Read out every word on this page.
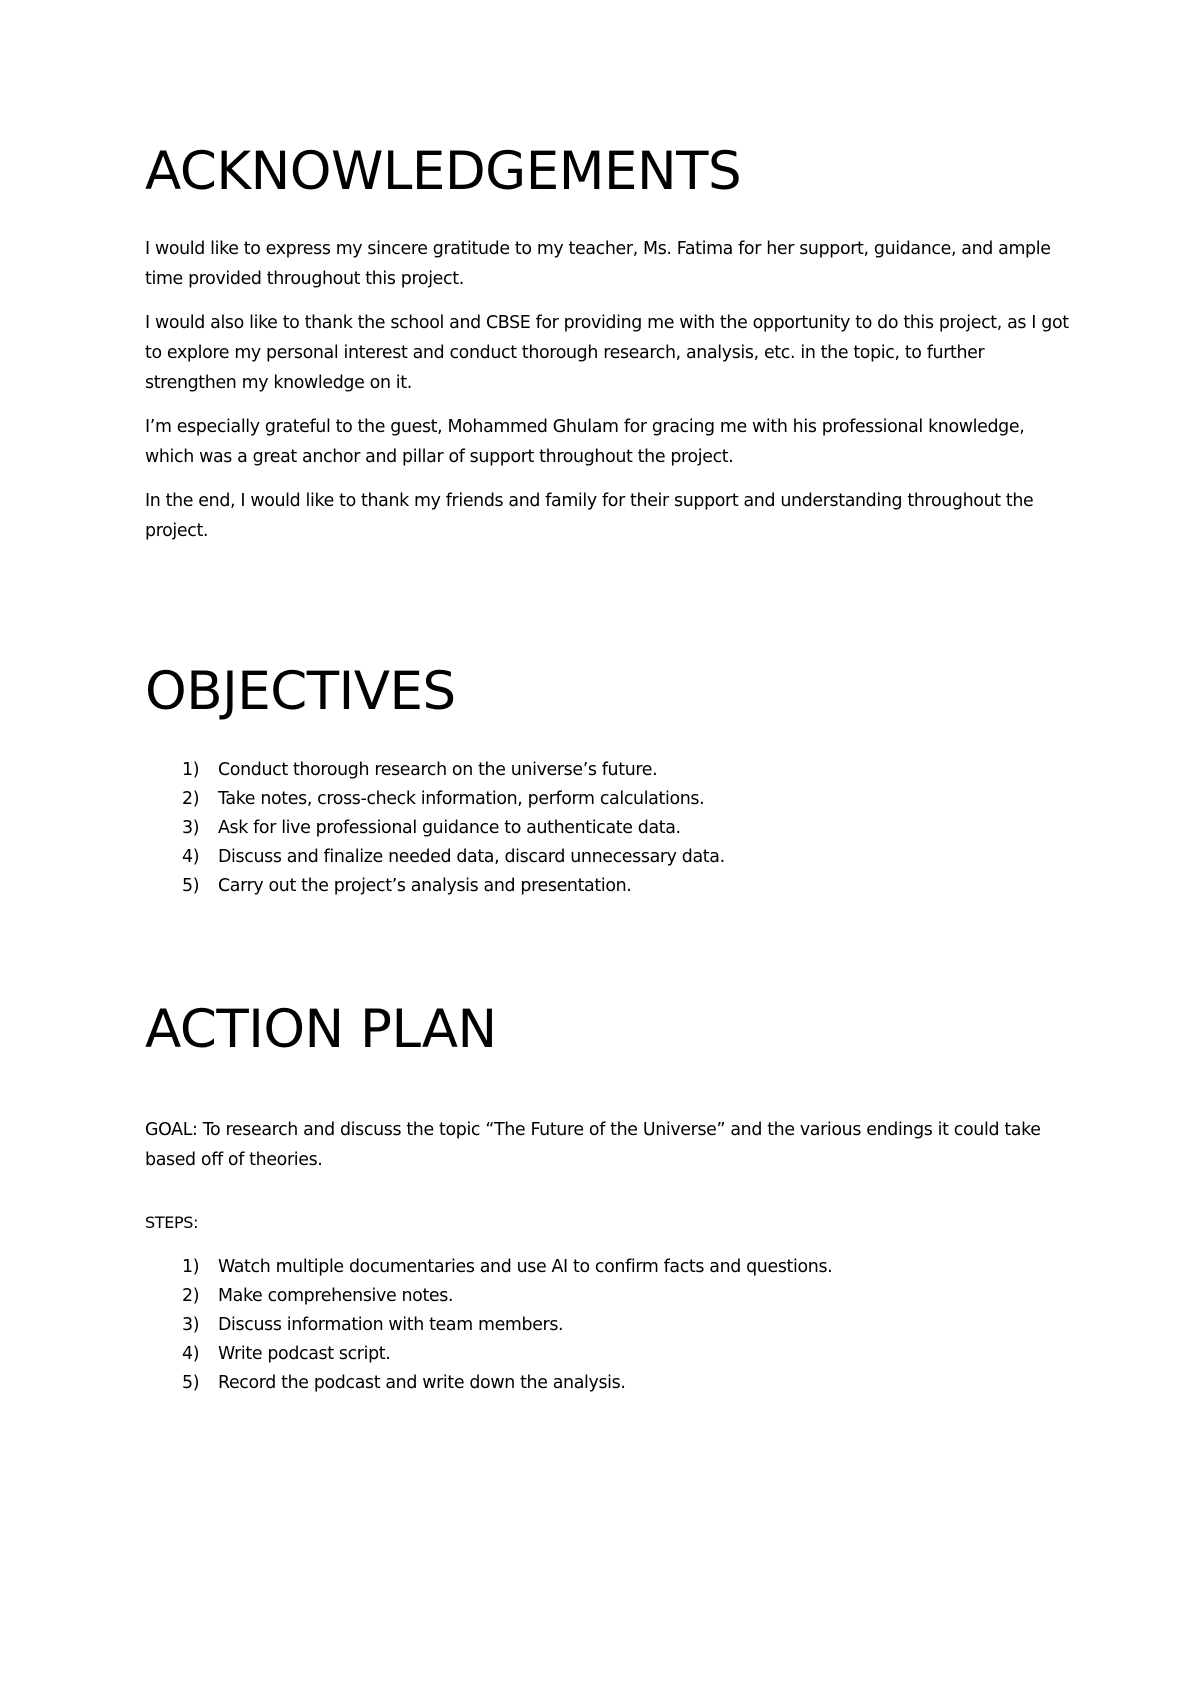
ACKNOWLEDGEMENTS

I would like to express my sincere gratitude to my teacher, Ms. Fatima for her support, guidance, and ample time provided throughout this project.

I would also like to thank the school and CBSE for providing me with the opportunity to do this project, as I got to explore my personal interest and conduct thorough research, analysis, etc. in the topic, to further strengthen my knowledge on it.

I’m especially grateful to the guest, Mohammed Ghulam for gracing me with his professional knowledge, which was a great anchor and pillar of support throughout the project.

In the end, I would like to thank my friends and family for their support and understanding throughout the project.

OBJECTIVES
1)	Conduct thorough research on the universe’s future.
2)	Take notes, cross-check information, perform calculations.
3)	Ask for live professional guidance to authenticate data.
4)	Discuss and finalize needed data, discard unnecessary data.
5)	Carry out the project’s analysis and presentation.
ACTION PLAN

GOAL: To research and discuss the topic “The Future of the Universe” and the various endings it could take based off of theories.

STEPS:

1)	Watch multiple documentaries and use AI to confirm facts and questions.
2)	Make comprehensive notes.
3)	Discuss information with team members.
4)	Write podcast script.
5)	Record the podcast and write down the analysis.
